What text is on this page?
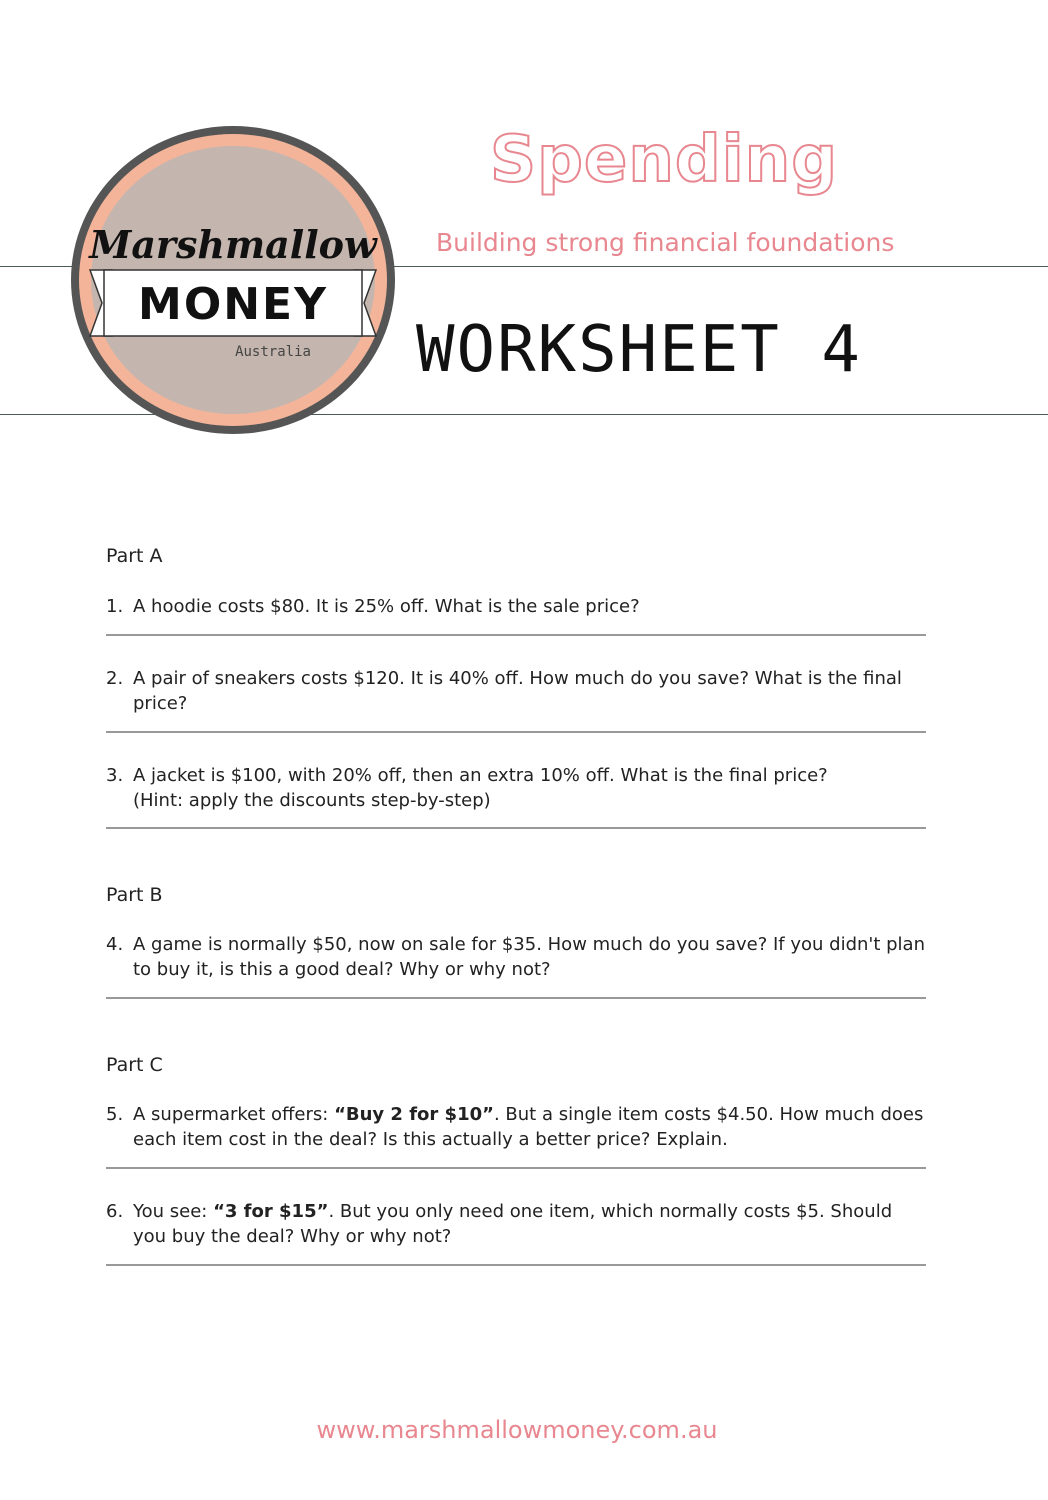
Marshmallow
MONEY
Australia
Spending
Building strong financial foundations
WORKSHEET 4
Part A
1. A hoodie costs $80. It is 25% off. What is the sale price?
2. A pair of sneakers costs $120. It is 40% off. How much do you save? What is the final price?
3. A jacket is $100, with 20% off, then an extra 10% off. What is the final price?
(Hint: apply the discounts step-by-step)
Part B
4. A game is normally $50, now on sale for $35. How much do you save? If you didn't plan to buy it, is this a good deal? Why or why not?
Part C
5. A supermarket offers: “Buy 2 for $10”. But a single item costs $4.50. How much does each item cost in the deal? Is this actually a better price? Explain.
6. You see: “3 for $15”. But you only need one item, which normally costs $5. Should you buy the deal? Why or why not?
www.marshmallowmoney.com.au
